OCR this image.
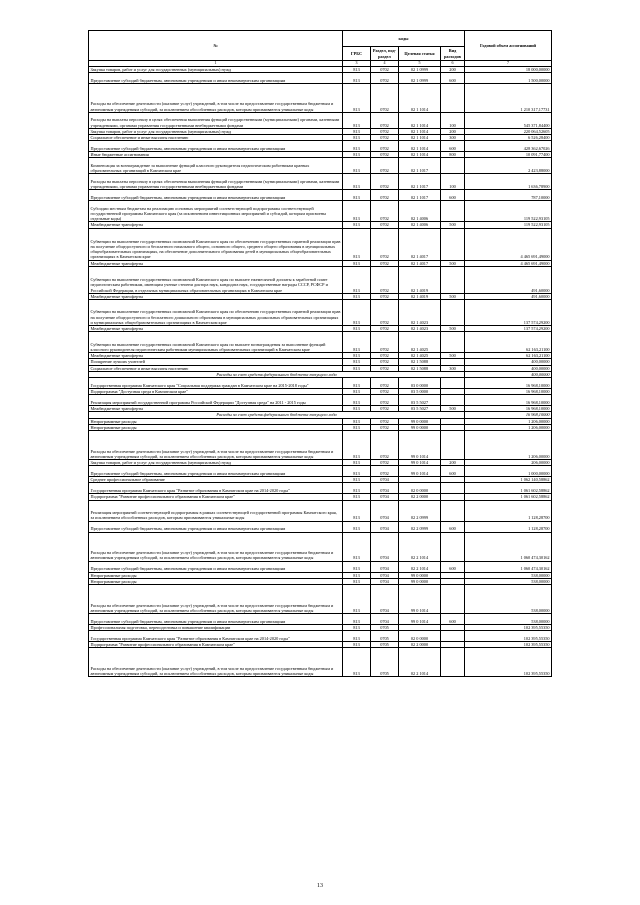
№	коды				Годовой объем ассигнований
	ГРБС	Раздел, под-раздел	Целевая статья	Вид расходов	
1	3	4	5	6	7
Закупка товаров, работ и услуг для государственных (муниципальных) нужд	813	0702	02 1 0999	200	18 000,00000
Предоставление субсидий бюджетным, автономным учреждениям и иным некоммерческим организациям	813	0702	02 1 0999	600	1 500,00000
Расходы на обеспечение деятельности (оказание услуг) учреждений, в том числе на предоставление государственным бюджетным и автономным учреждениям субсидий, за исключением обособленных расходов, которым присваиваются уникальные коды	813	0702	02 1 1014		1 210 317,17731
Расходы на выплаты персоналу в целях обеспечения выполнения функций государственными (муниципальными) органами, казенными учреждениями, органами управления государственными внебюджетными фондами	813	0702	02 1 1014	100	545 371,84400
Закупка товаров, работ и услуг для государственных (муниципальных) нужд	813	0702	02 1 1014	200	220 064,52605
Социальное обеспечение и иные выплаты населению	813	0702	02 1 1014	300	6 526,28400
Предоставление субсидий бюджетным, автономным учреждениям и иным некоммерческим организациям	813	0702	02 1 1014	600	428 362,67026
Иные бюджетные ассигнования	813	0702	02 1 1014	800	10 091,77400
Компенсация за вознаграждение за выполнение функций классного руководителя педагогическим работникам краевых образовательных организаций в Камчатском крае	813	0702	02 1 1017		2 423,88000
Расходы на выплаты персоналу в целях обеспечения выполнения функций государственными (муниципальными) органами, казенными учреждениями, органами управления государственными внебюджетными фондами	813	0702	02 1 1017	100	1 636,78900
Предоставление субсидий бюджетным, автономным учреждениям и иным некоммерческим организациям	813	0702	02 1 1017	600	787,10000
Субсидии местным бюджетам на реализацию основных мероприятий соответствующей подпрограммы соответствующей государственной программы Камчатского края (за исключением инвестиционных мероприятий и субсидий, которым присвоены отдельные коды)	813	0702	02 1 4006		119 522,93105
Межбюджетные трансферты	813	0702	02 1 4006	500	119 522,93105
Субвенции на выполнение государственных полномочий Камчатского края по обеспечению государственных гарантий реализации прав на получение общедоступного и бесплатного начального общего, основного общего, среднего общего образования в муниципальных общеобразовательных организациях, на обеспечение дополнительного образования детей в муниципальных общеобразовательных организациях в Камчатском крае	813	0702	02 1 4017		4 465 691,49000
Межбюджетные трансферты	813	0702	02 1 4017	500	4 465 691,49000
Субвенции на выполнение государственных полномочий Камчатского края по выплате ежемесячной доплаты к заработной плате педагогическим работникам, имеющим ученые степени доктора наук, кандидата наук, государственные награды СССР, РСФСР и Российской Федерации, в отдельных муниципальных образовательных организациях в Камчатском крае	813	0702	02 1 4019		491,60000
Межбюджетные трансферты	813	0702	02 1 4019	500	491,60000
Субвенции на выполнение государственных полномочий Камчатского края по обеспечению государственных гарантий реализации прав на получение общедоступного и бесплатного дошкольного образования в муниципальных дошкольных образовательных организациях и муниципальных общеобразовательных организациях в Камчатском крае	813	0702	02 1 4023		137 574,29200
Межбюджетные трансферты	813	0702	02 1 4023	500	137 574,29200
Субвенции на выполнение государственных полномочий Камчатского края по выплате вознаграждения за выполнение функций классного руководителя педагогическим работникам муниципальных образовательных организаций в Камчатском крае	813	0702	02 1 4025		62 163,21100
Межбюджетные трансферты	813	0702	02 1 4025	500	62 163,21100
Поощрение лучших учителей	813	0702	02 1 5088		400,00000
Социальное обеспечение и иные выплаты населению	813	0702	02 1 5088	300	400,00000
Расходы за счет средств федерального бюджета текущего года					400,00000
Государственная программа Камчатского края "Социальная поддержка граждан в Камчатском крае на 2015-2018 годы"	813	0702	03 0 0000		16 968,10000
Подпрограмма "Доступная среда в Камчатском крае"	813	0702	03 5 0000		16 968,10000
Реализация мероприятий государственной программы Российской Федерации "Доступная среда" на 2011 - 2015 годы	813	0702	03 5 5027		16 968,10000
Межбюджетные трансферты	813	0702	03 5 5027	500	16 968,10000
Расходы за счет средств федерального бюджета текущего года					16 968,10000
Непрограммные расходы	813	0702	99 0 0000		1 206,00000
Непрограммные расходы	813	0702	99 0 0000		1 206,00000
Расходы на обеспечение деятельности (оказание услуг) учреждений, в том числе на предоставление государственным бюджетным и автономным учреждениям субсидий, за исключением обособленных расходов, которым присваиваются уникальные коды	813	0702	99 0 1014		1 206,00000
Закупка товаров, работ и услуг для государственных (муниципальных) нужд	813	0702	99 0 1014	200	206,00000
Предоставление субсидий бюджетным, автономным учреждениям и иным некоммерческим организациям	813	0702	99 0 1014	600	1 000,00000
Среднее профессиональное образование	813	0704			1 062 140,58862
Государственная программа Камчатского края "Развитие образования в Камчатском крае на 2014-2020 годы"	813	0704	02 0 0000		1 061 602,58862
Подпрограмма "Развитие профессионального образования в Камчатском крае"	813	0704	02 2 0000		1 061 602,58862
Реализация мероприятий соответствующей подпрограммы в рамках соответствующей государственной программы Камчатского края, за исключением обособленных расходов, которым присваиваются уникальные коды	813	0704	02 2 0999		1 128,28700
Предоставление субсидий бюджетным, автономным учреждениям и иным некоммерческим организациям	813	0704	02 2 0999	600	1 128,28700
Расходы на обеспечение деятельности (оказание услуг) учреждений, в том числе на предоставление государственным бюджетным и автономным учреждениям субсидий, за исключением обособленных расходов, которым присваиваются уникальные коды	813	0704	02 2 1014		1 060 474,30162
Предоставление субсидий бюджетным, автономным учреждениям и иным некоммерческим организациям	813	0704	02 2 1014	600	1 060 474,30162
Непрограммные расходы	813	0704	99 0 0000		538,00000
Непрограммные расходы	813	0704	99 0 0000		538,00000
Расходы на обеспечение деятельности (оказание услуг) учреждений, в том числе на предоставление государственным бюджетным и автономным учреждениям субсидий, за исключением обособленных расходов, которым присваиваются уникальные коды	813	0704	99 0 1014		538,00000
Предоставление субсидий бюджетным, автономным учреждениям и иным некоммерческим организациям	813	0704	99 0 1014	600	538,00000
Профессиональная подготовка, переподготовка и повышение квалификации	813	0705			102 395,55350
Государственная программа Камчатского края "Развитие образования в Камчатском крае на 2014-2020 годы"	813	0705	02 0 0000		102 395,55350
Подпрограмма "Развитие профессионального образования в Камчатском крае"	813	0705	02 2 0000		102 395,55350
Расходы на обеспечение деятельности (оказание услуг) учреждений, в том числе на предоставление государственным бюджетным и автономным учреждениям субсидий, за исключением обособленных расходов, которым присваиваются уникальные коды	813	0705	02 2 1014		102 395,55350
13
